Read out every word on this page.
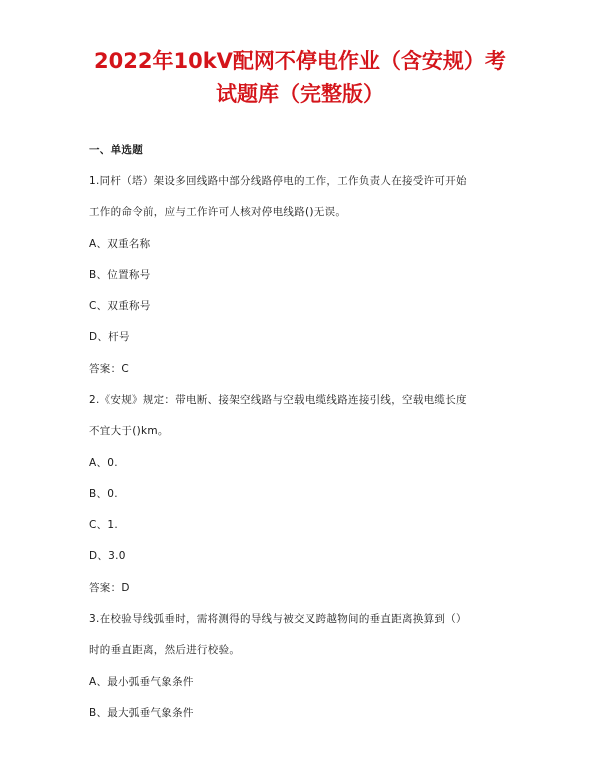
2022年10kV配网不停电作业（含安规）考
试题库（完整版）
一、单选题
1.同杆（塔）架设多回线路中部分线路停电的工作，工作负责人在接受许可开始
工作的命令前，应与工作许可人核对停电线路()无误。
A、双重名称
B、位置称号
C、双重称号
D、杆号
答案：C
2.《安规》规定：带电断、接架空线路与空载电缆线路连接引线，空载电缆长度
不宜大于()km。
A、0.
B、0.
C、1.
D、3.0
答案：D
3.在校验导线弧垂时，需将测得的导线与被交叉跨越物间的垂直距离换算到（）
时的垂直距离，然后进行校验。
A、最小弧垂气象条件
B、最大弧垂气象条件
